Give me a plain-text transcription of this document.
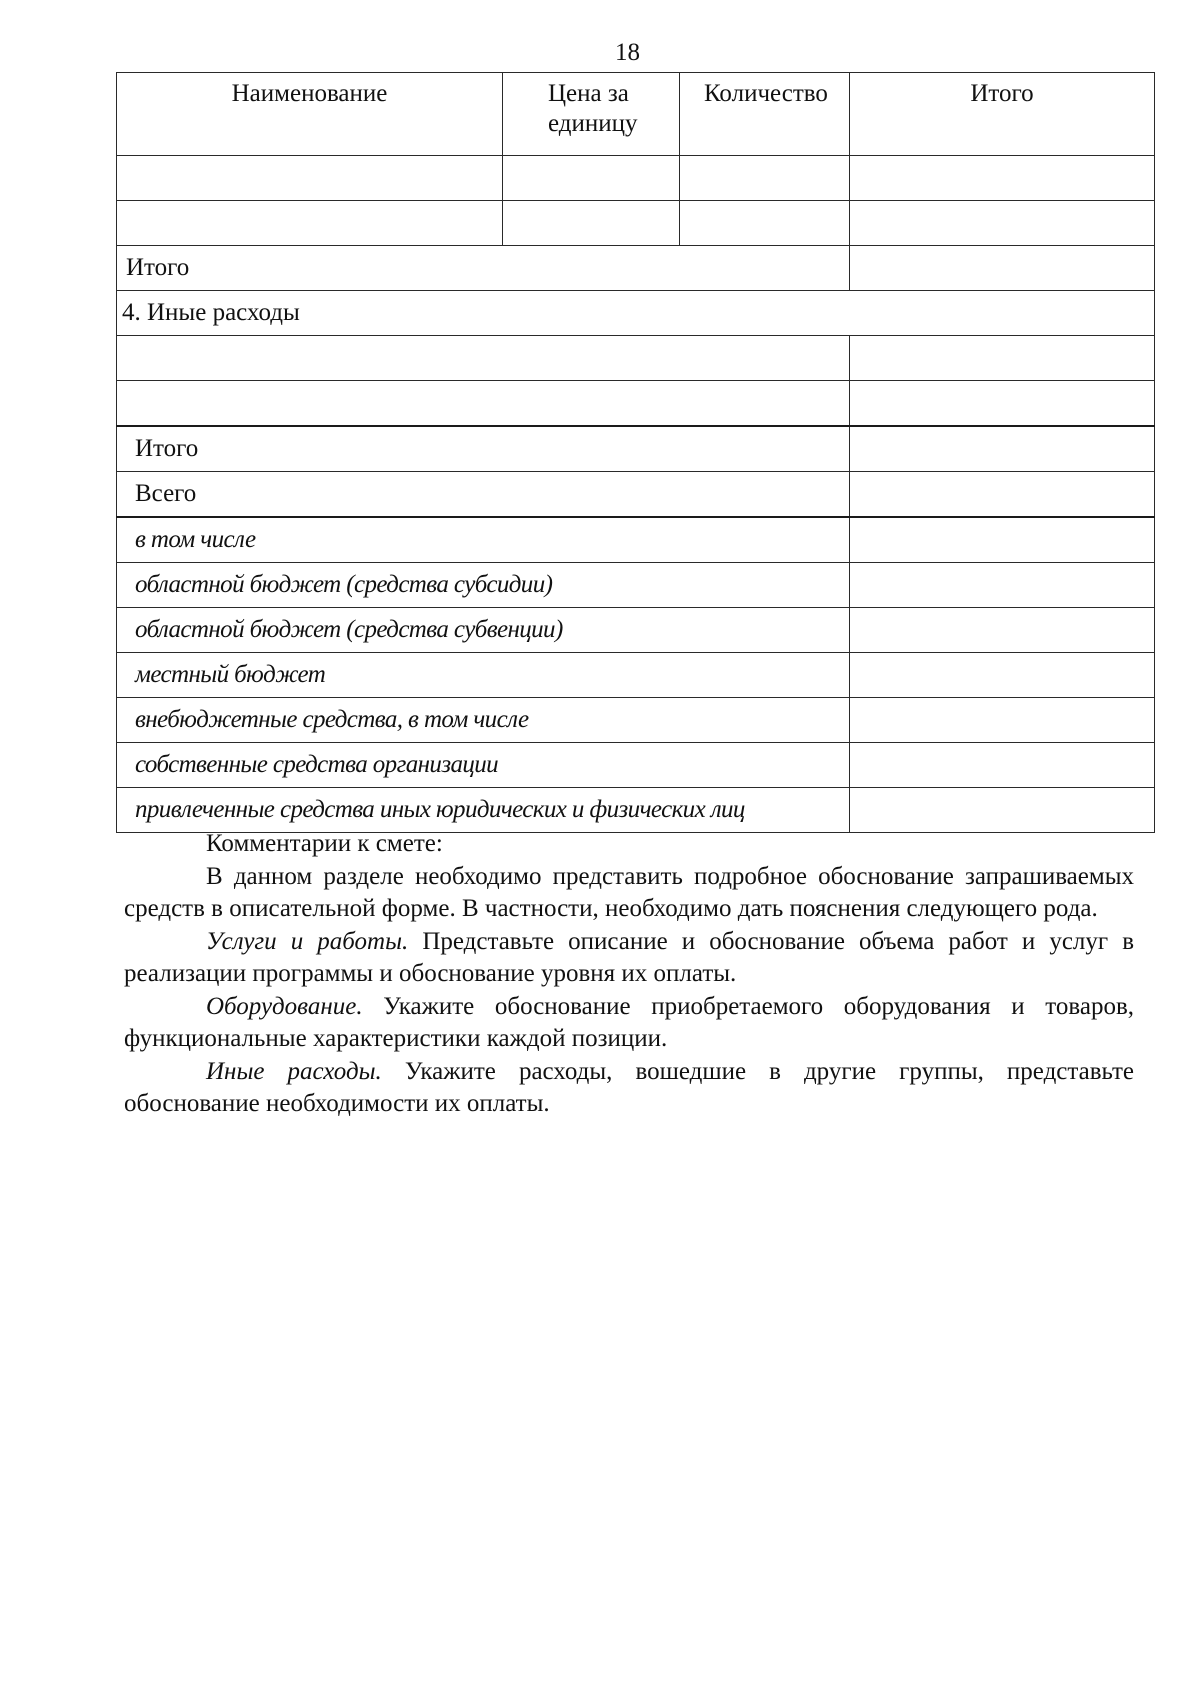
18
Наименование	Цена за единицу	Количество	Итого

Итого			
4. Иные расходы			

Итого			
Всего			
в том числе			
областной бюджет (средства субсидии)			
областной бюджет (средства субвенции)			
местный бюджет			
внебюджетные средства, в том числе			
собственные средства организации			
привлеченные средства иных юридических и физических лиц			

Комментарии к смете:

В данном разделе необходимо представить подробное обоснование запрашиваемых средств в описательной форме. В частности, необходимо дать пояснения следующего рода.

Услуги и работы. Представьте описание и обоснование объема работ и услуг в реализации программы и обоснование уровня их оплаты.

Оборудование. Укажите обоснование приобретаемого оборудования и товаров, функциональные характеристики каждой позиции.

Иные расходы. Укажите расходы, вошедшие в другие группы, представьте обоснование необходимости их оплаты.
